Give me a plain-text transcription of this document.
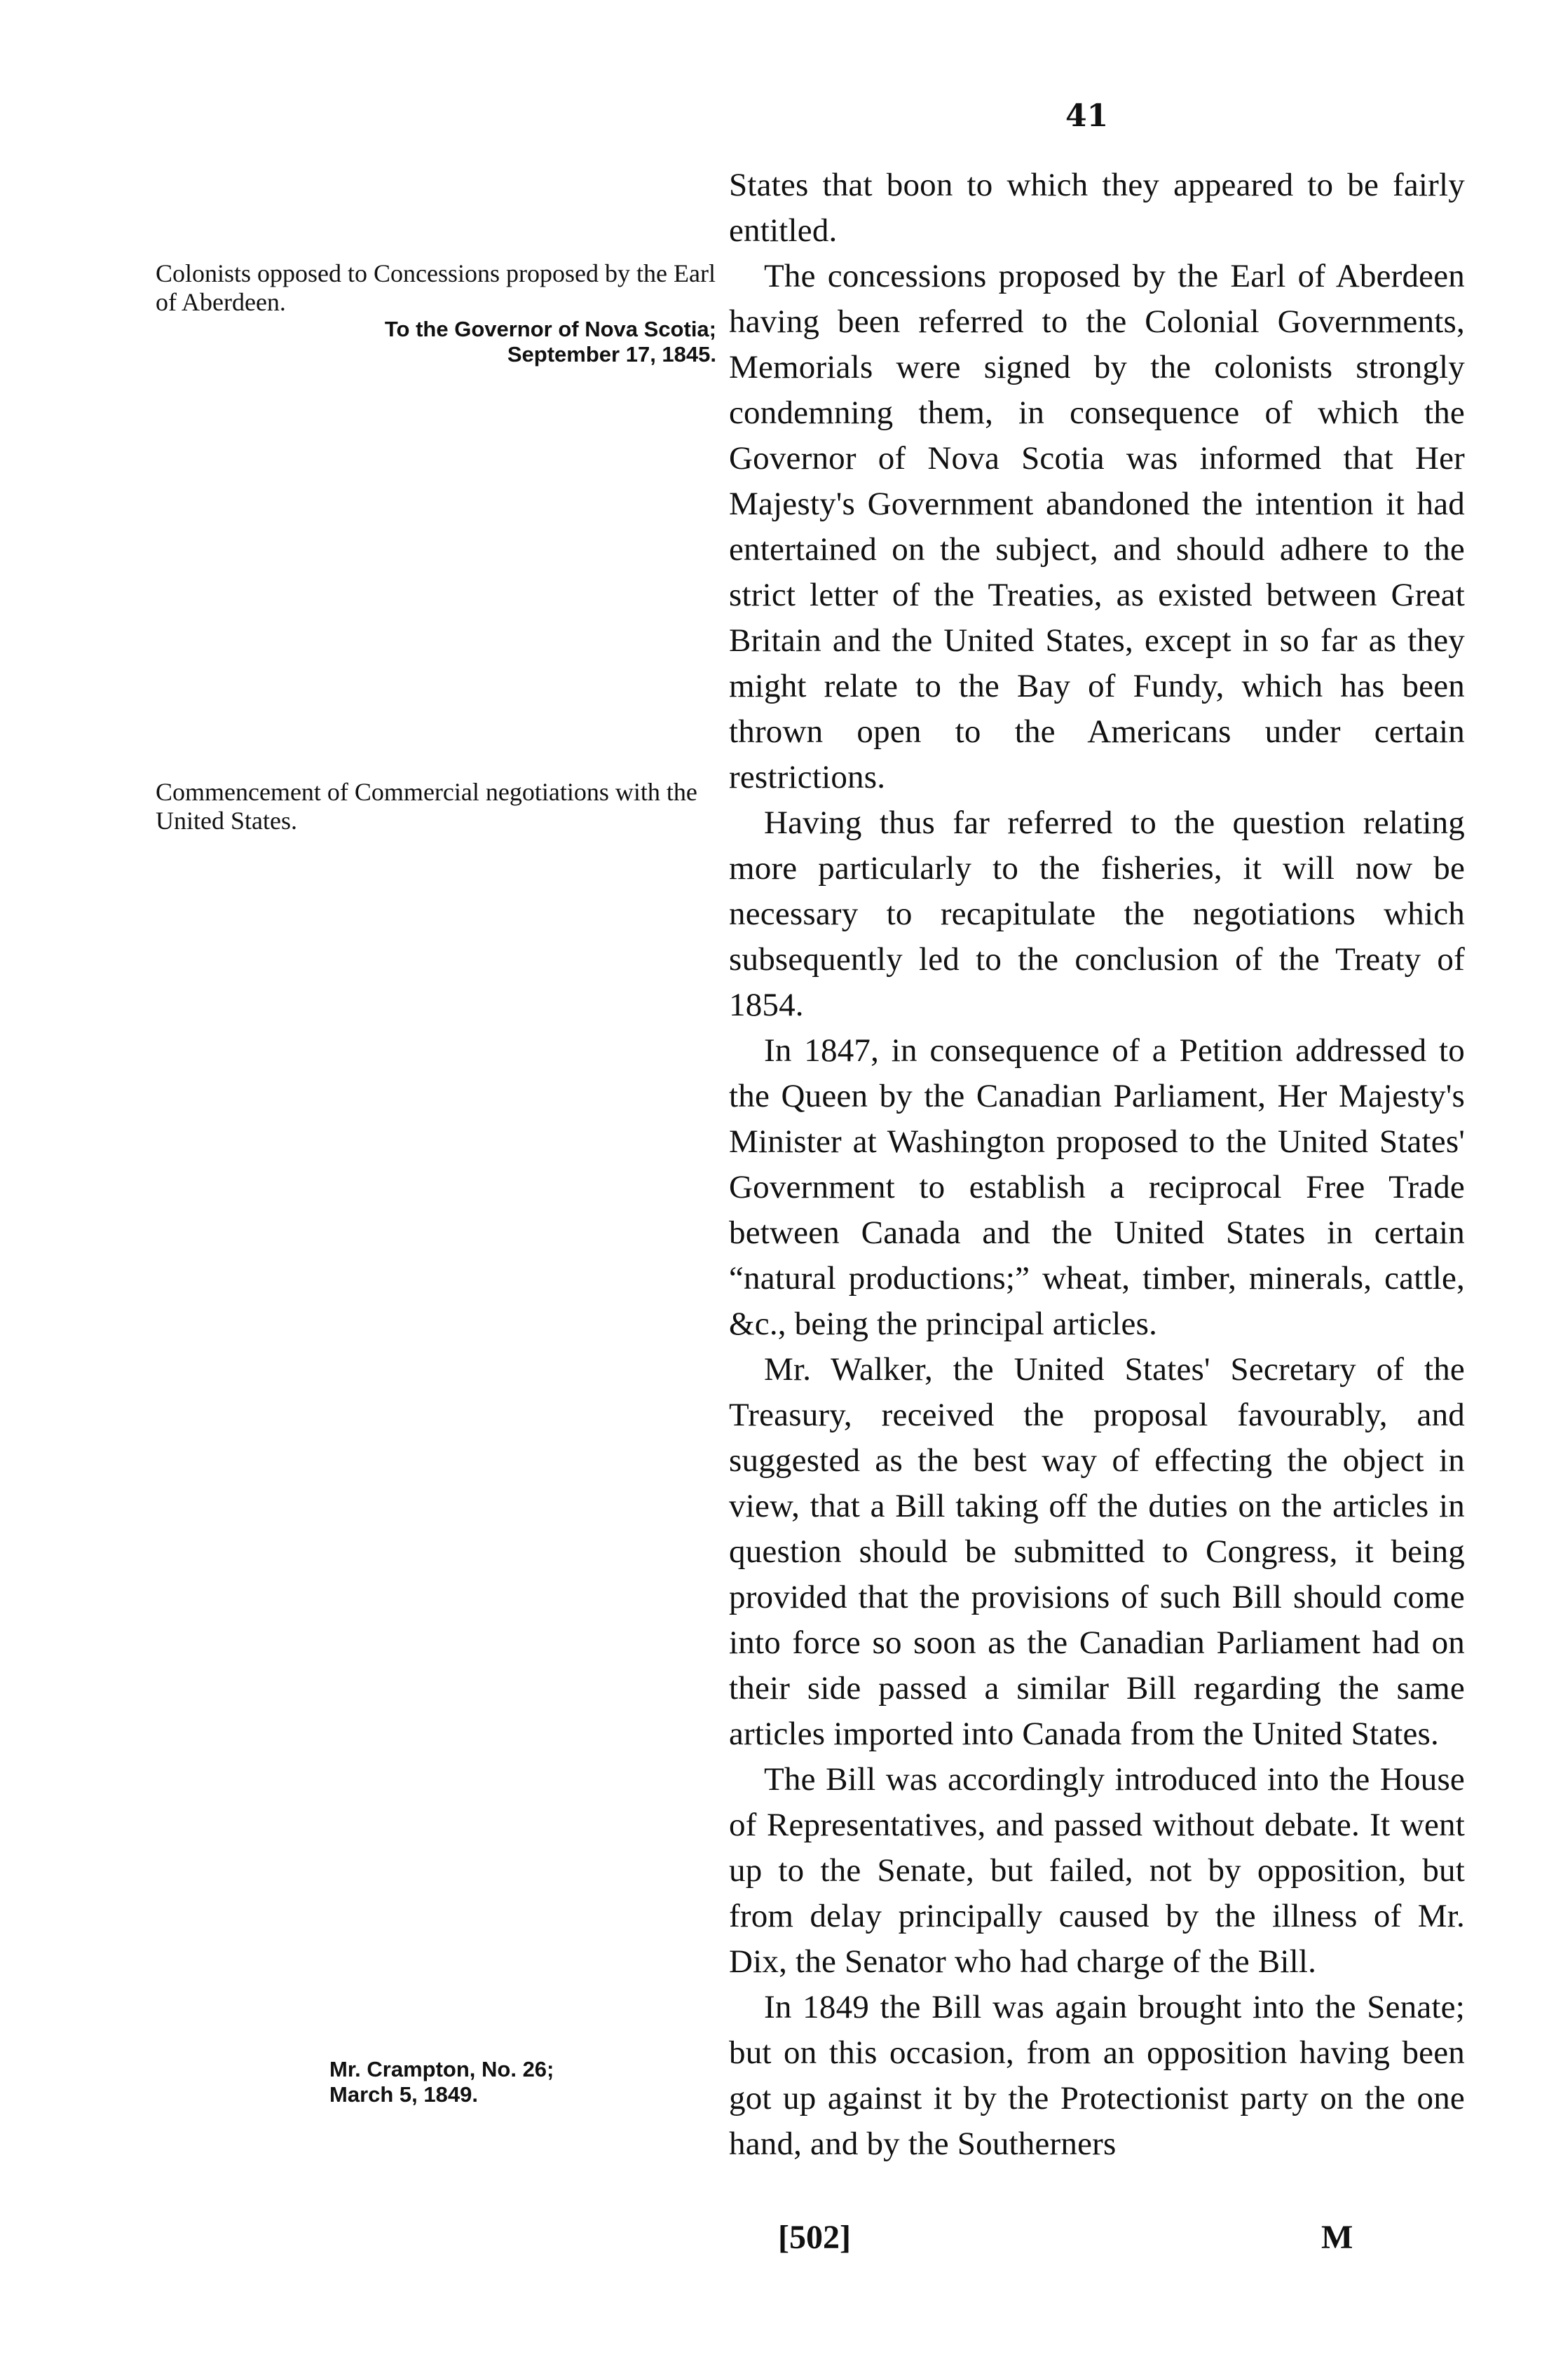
41
Colonists opposed to Concessions proposed by the Earl of Aberdeen.
To the Governor of Nova Scotia;
September 17, 1845.
Commencement of Commercial negotiations with the United States.
Mr. Crampton, No. 26;
March 5, 1849.

States that boon to which they appeared to be fairly entitled.

The concessions proposed by the Earl of Aberdeen having been referred to the Colonial Governments, Memorials were signed by the colonists strongly condemning them, in consequence of which the Governor of Nova Scotia was informed that Her Majesty's Government abandoned the intention it had entertained on the subject, and should adhere to the strict letter of the Treaties, as existed between Great Britain and the United States, except in so far as they might relate to the Bay of Fundy, which has been thrown open to the Americans under certain restrictions.

Having thus far referred to the question relating more particularly to the fisheries, it will now be necessary to recapitulate the negotiations which subsequently led to the conclusion of the Treaty of 1854.

In 1847, in consequence of a Petition addressed to the Queen by the Canadian Parliament, Her Majesty's Minister at Washington proposed to the United States' Government to establish a reciprocal Free Trade between Canada and the United States in certain “natural productions;” wheat, timber, minerals, cattle, &c., being the principal articles.

Mr. Walker, the United States' Secretary of the Treasury, received the proposal favourably, and suggested as the best way of effecting the object in view, that a Bill taking off the duties on the articles in question should be submitted to Congress, it being provided that the provisions of such Bill should come into force so soon as the Canadian Parliament had on their side passed a similar Bill regarding the same articles imported into Canada from the United States.

The Bill was accordingly introduced into the House of Representatives, and passed without debate. It went up to the Senate, but failed, not by opposition, but from delay principally caused by the illness of Mr. Dix, the Senator who had charge of the Bill.

In 1849 the Bill was again brought into the Senate; but on this occasion, from an opposition having been got up against it by the Protectionist party on the one hand, and by the Southerners

[502]	M
